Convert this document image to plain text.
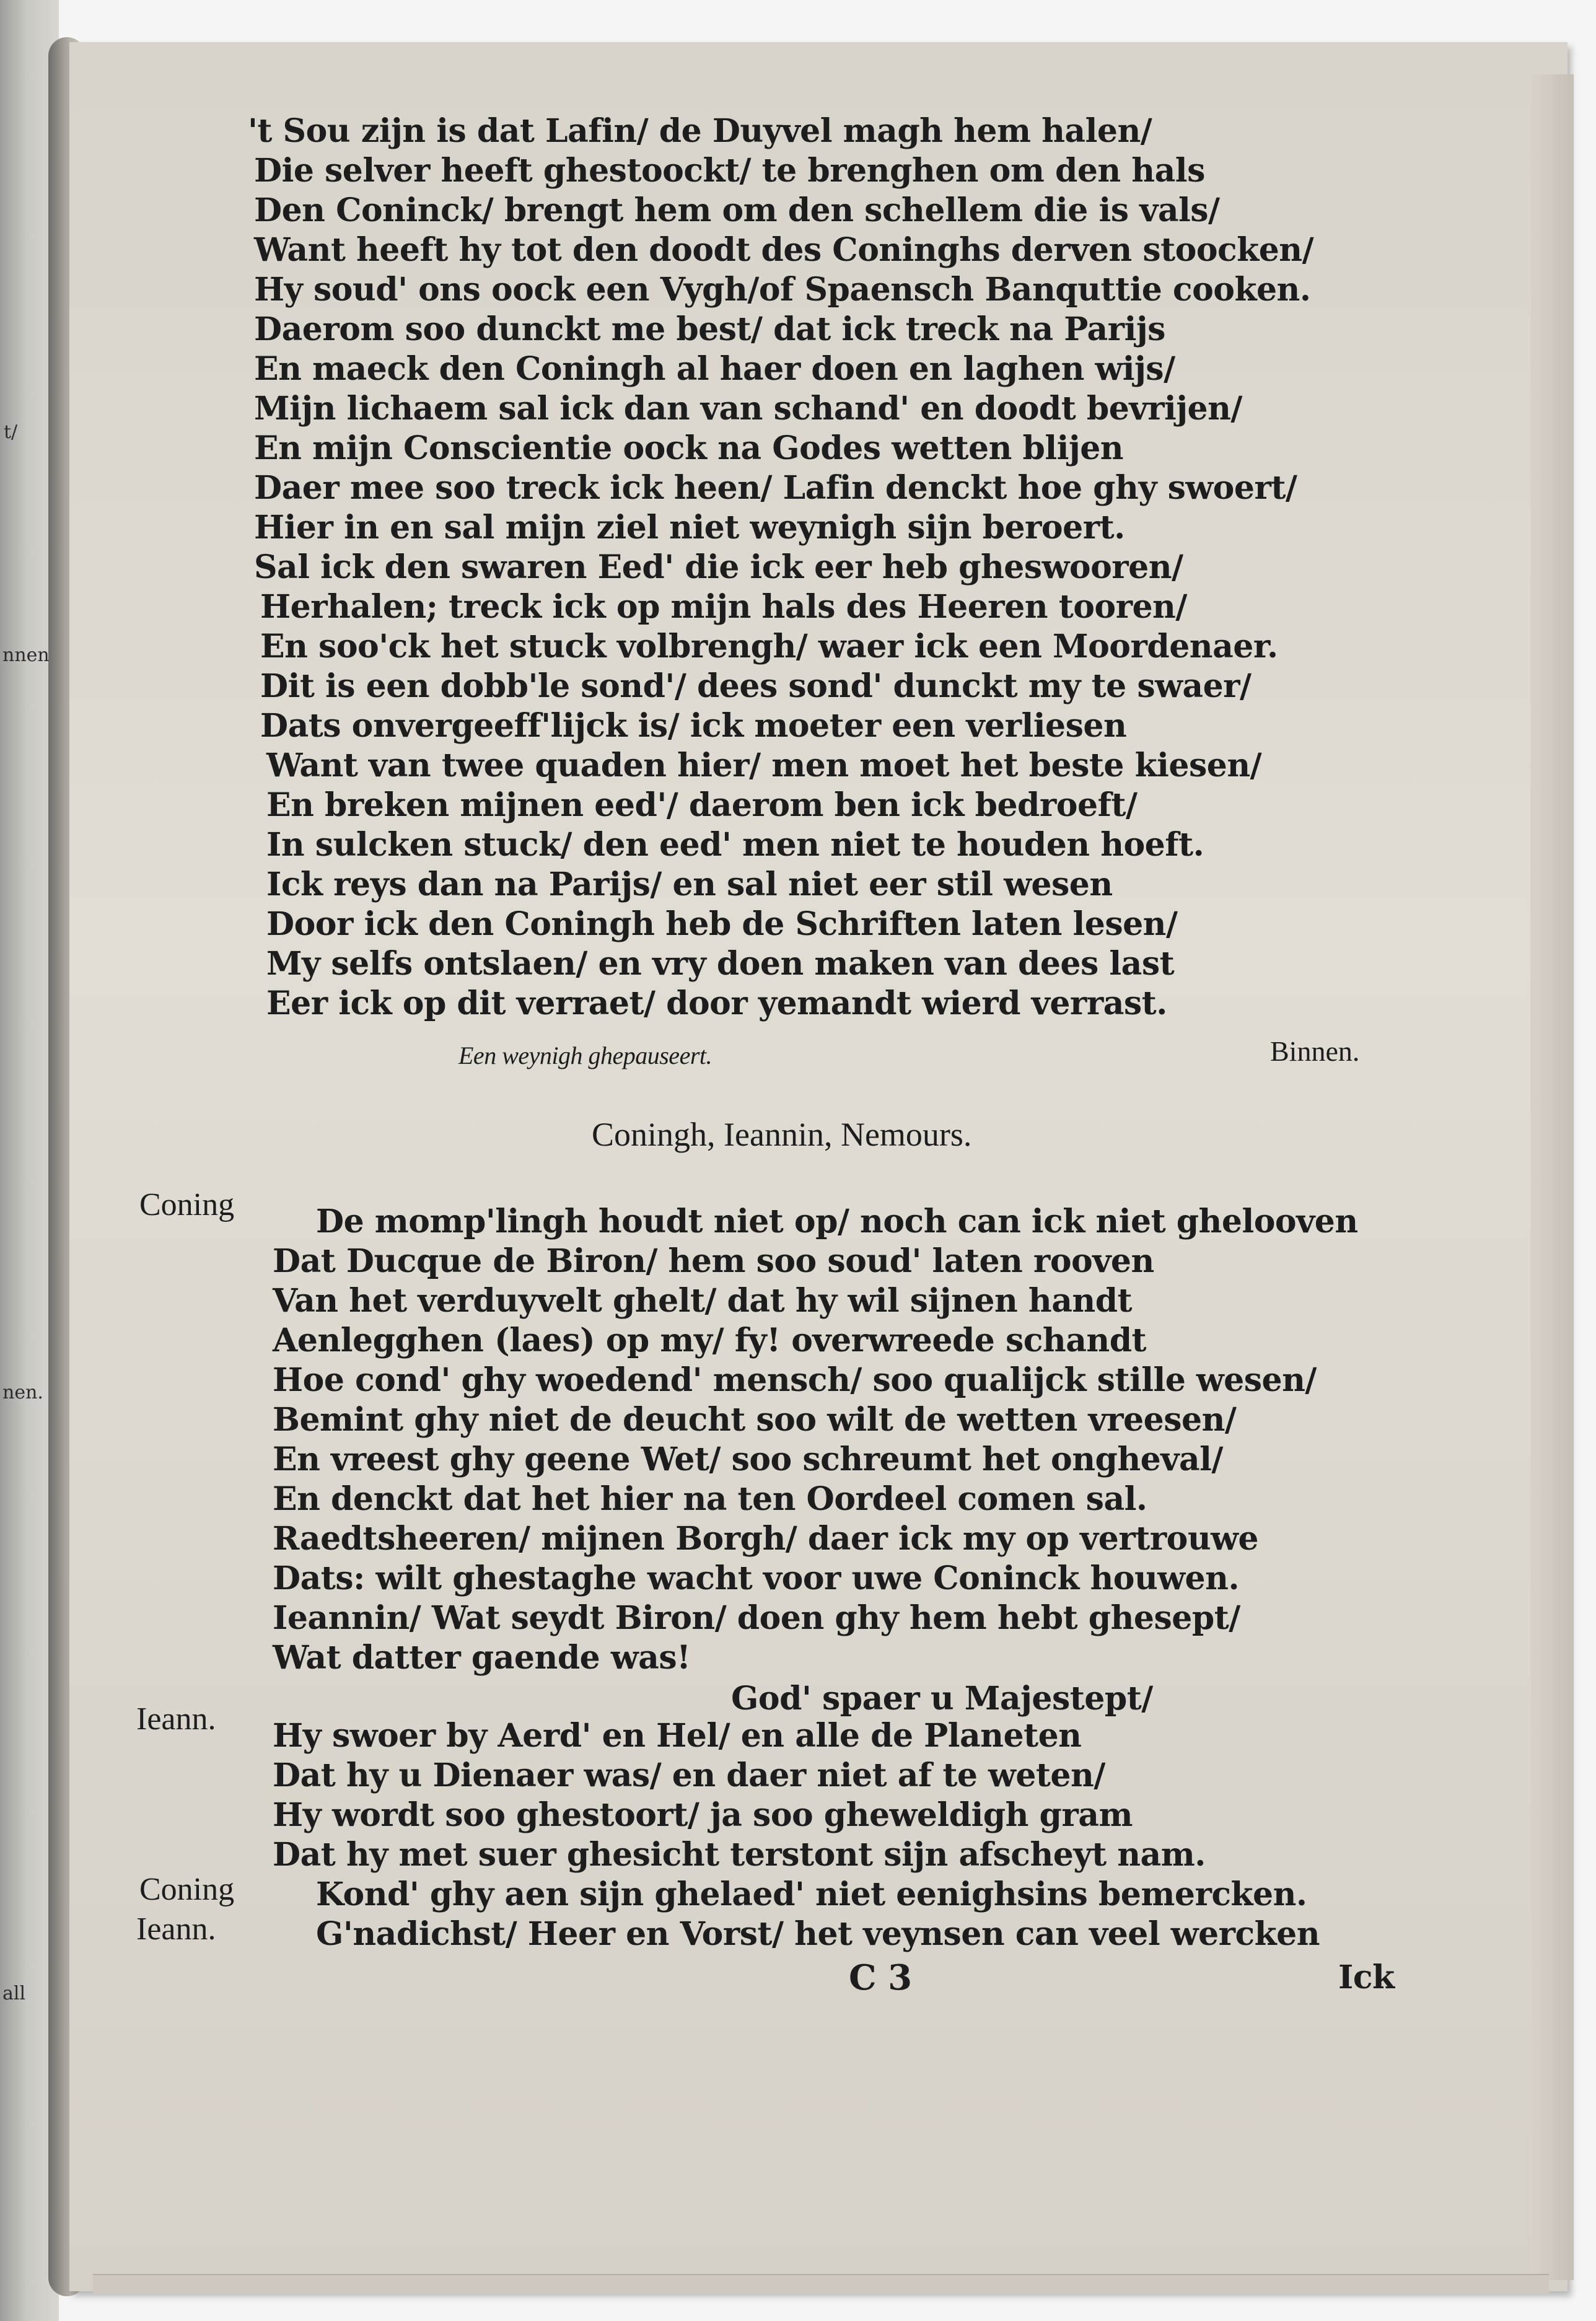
t/
nnen
nen.
all
't Sou zijn is dat Lafin/ de Duyvel magh hem halen/
Die selver heeft ghestoockt/ te brenghen om den hals
Den Coninck/ brengt hem om den schellem die is vals/
Want heeft hy tot den doodt des Coninghs derven stoocken/
Hy soud' ons oock een Vygh/of Spaensch Banquttie cooken.
Daerom soo dunckt me best/ dat ick treck na Parijs
En maeck den Coningh al haer doen en laghen wijs/
Mijn lichaem sal ick dan van schand' en doodt bevrijen/
En mijn Conscientie oock na Godes wetten blijen
Daer mee soo treck ick heen/ Lafin denckt hoe ghy swoert/
Hier in en sal mijn ziel niet weynigh sijn beroert.
Sal ick den swaren Eed' die ick eer heb gheswooren/
Herhalen; treck ick op mijn hals des Heeren tooren/
En soo'ck het stuck volbrengh/ waer ick een Moordenaer.
Dit is een dobb'le sond'/ dees sond' dunckt my te swaer/
Dats onvergeeff'lijck is/ ick moeter een verliesen
Want van twee quaden hier/ men moet het beste kiesen/
En breken mijnen eed'/ daerom ben ick bedroeft/
In sulcken stuck/ den eed' men niet te houden hoeft.
Ick reys dan na Parijs/ en sal niet eer stil wesen
Door ick den Coningh heb de Schriften laten lesen/
My selfs ontslaen/ en vry doen maken van dees last
Eer ick op dit verraet/ door yemandt wierd verrast.
Een weynigh ghepauseert.	Binnen.
Coningh, Ieannin, Nemours.
Coning	De momp'lingh houdt niet op/ noch can ick niet ghelooven
Dat Ducque de Biron/ hem soo soud' laten rooven
Van het verduyvelt ghelt/ dat hy wil sijnen handt
Aenlegghen (laes) op my/ fy! overwreede schandt
Hoe cond' ghy woedend' mensch/ soo qualijck stille wesen/
Bemint ghy niet de deucht soo wilt de wetten vreesen/
En vreest ghy geene Wet/ soo schreumt het ongheval/
En denckt dat het hier na ten Oordeel comen sal.
Raedtsheeren/ mijnen Borgh/ daer ick my op vertrouwe
Dats: wilt ghestaghe wacht voor uwe Coninck houwen.
Ieannin/ Wat seydt Biron/ doen ghy hem hebt ghesept/
Wat datter gaende was!
God' spaer u Majestept/
Ieann. Hy swoer by Aerd' en Hel/ en alle de Planeten
Dat hy u Dienaer was/ en daer niet af te weten/
Hy wordt soo ghestoort/ ja soo gheweldigh gram
Dat hy met suer ghesicht terstont sijn afscheyt nam.
Coning	Kond' ghy aen sijn ghelaed' niet eenighsins bemercken.
Ieann.	G'nadichst/ Heer en Vorst/ het veynsen can veel wercken
C 3	Ick
